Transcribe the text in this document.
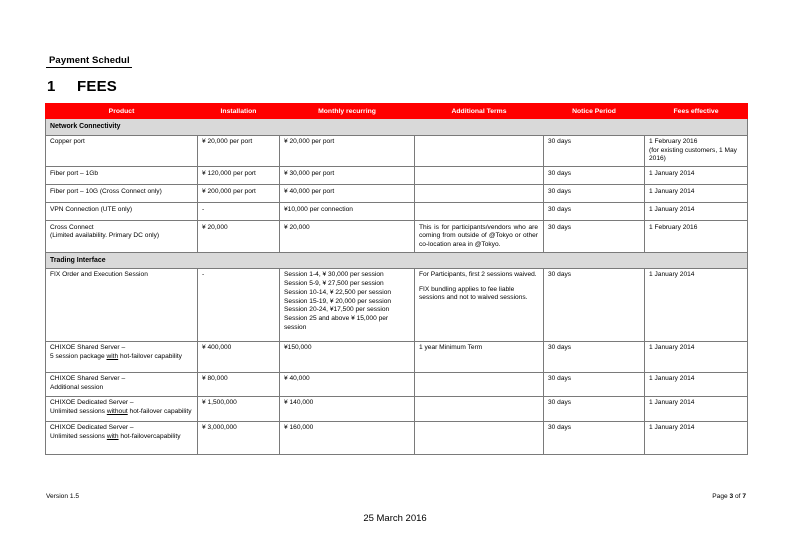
Payment Schedul
1 FEES
Product	Installation	Monthly recurring	Additional Terms	Notice Period	Fees effective
Network Connectivity					
Copper port	¥ 20,000 per port	¥ 20,000 per port		30 days	1 February 2016
(for existing customers, 1 May 2016)
Fiber port – 1Gb	¥ 120,000 per port	¥ 30,000 per port		30 days	1 January 2014
Fiber port – 10G (Cross Connect only)	¥ 200,000 per port	¥ 40,000 per port		30 days	1 January 2014
VPN Connection (UTE only)	-	¥10,000 per connection		30 days	1 January 2014
Cross Connect
(Limited availability. Primary DC only)	¥ 20,000	¥ 20,000	This is for participants/vendors who are coming from outside of @Tokyo or other co-location area in @Tokyo.	30 days	1 February 2016
Trading Interface					
FIX Order and Execution Session	-	Session 1-4, ¥ 30,000 per session
Session 5-9, ¥ 27,500 per session
Session 10-14, ¥ 22,500 per session
Session 15-19, ¥ 20,000 per session
Session 20-24, ¥17,500 per session
Session 25 and above ¥ 15,000 per session	For Participants, first 2 sessions waived.
FIX bundling applies to fee liable sessions and not to waived sessions.	30 days	1 January 2014
CHIXOE Shared Server –
5 session package with hot-failover capability	¥ 400,000	¥150,000	1 year Minimum Term	30 days	1 January 2014
CHIXOE Shared Server –
Additional session	¥ 80,000	¥ 40,000		30 days	1 January 2014
CHIXOE Dedicated Server –
Unlimited sessions without hot-failover capability	¥ 1,500,000	¥ 140,000		30 days	1 January 2014
CHIXOE Dedicated Server –
Unlimited sessions with hot-failovercapability	¥ 3,000,000	¥ 160,000		30 days	1 January 2014
Version 1.5	Page 3 of 7
25 March 2016
